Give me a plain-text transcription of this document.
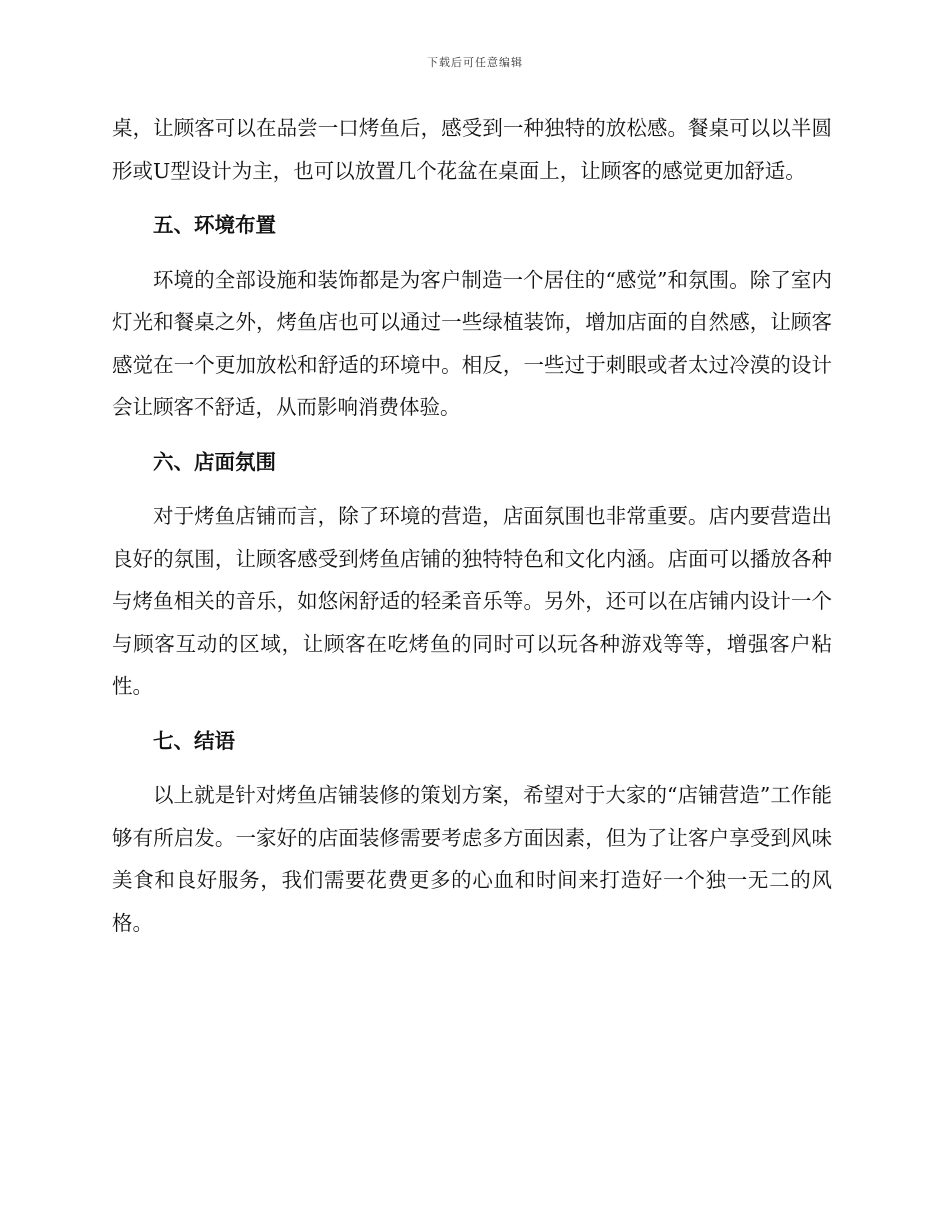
下载后可任意编辑

桌，让顾客可以在品尝一口烤鱼后，感受到一种独特的放松感。餐桌可以以半圆形或U型设计为主，也可以放置几个花盆在桌面上，让顾客的感觉更加舒适。

五、环境布置

环境的全部设施和装饰都是为客户制造一个居住的“感觉”和氛围。除了室内灯光和餐桌之外，烤鱼店也可以通过一些绿植装饰，增加店面的自然感，让顾客感觉在一个更加放松和舒适的环境中。相反，一些过于刺眼或者太过冷漠的设计会让顾客不舒适，从而影响消费体验。

六、店面氛围

对于烤鱼店铺而言，除了环境的营造，店面氛围也非常重要。店内要营造出良好的氛围，让顾客感受到烤鱼店铺的独特特色和文化内涵。店面可以播放各种与烤鱼相关的音乐，如悠闲舒适的轻柔音乐等。另外，还可以在店铺内设计一个与顾客互动的区域，让顾客在吃烤鱼的同时可以玩各种游戏等等，增强客户粘性。

七、结语

以上就是针对烤鱼店铺装修的策划方案，希望对于大家的“店铺营造”工作能够有所启发。一家好的店面装修需要考虑多方面因素，但为了让客户享受到风味美食和良好服务，我们需要花费更多的心血和时间来打造好一个独一无二的风格。
